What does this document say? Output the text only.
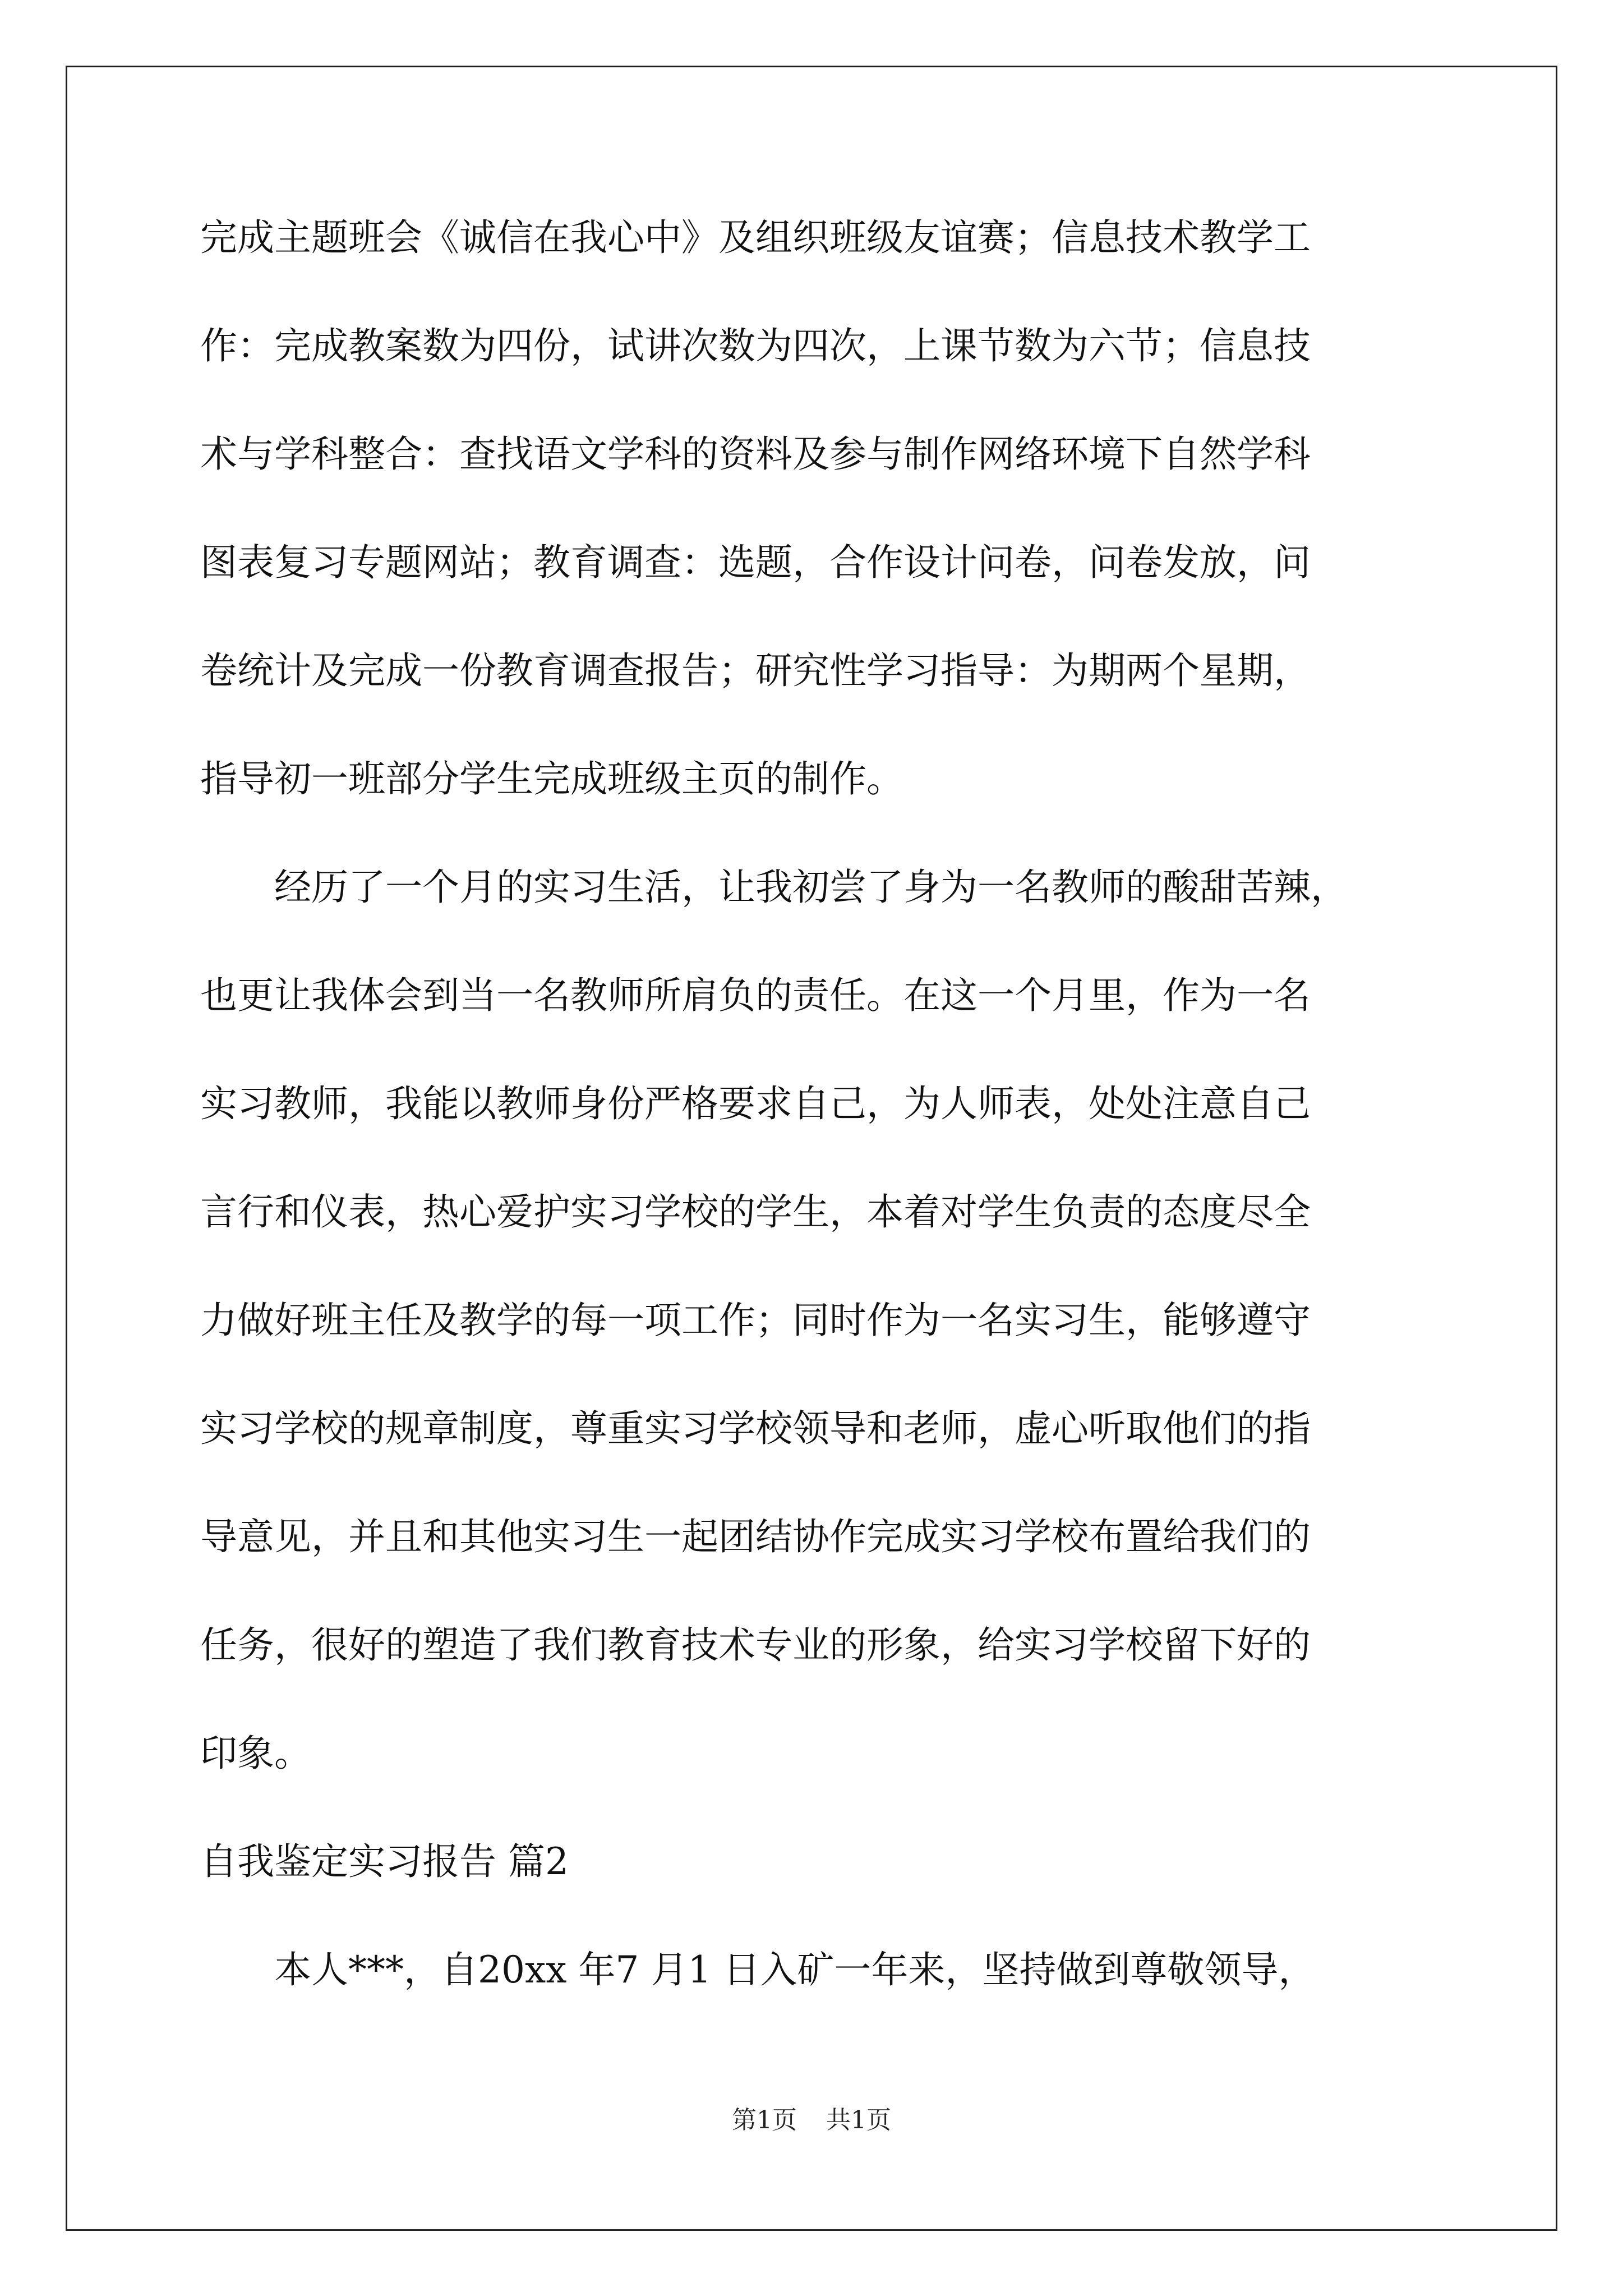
完成主题班会《诚信在我心中》及组织班级友谊赛；信息技术教学工
作：完成教案数为四份，试讲次数为四次，上课节数为六节；信息技
术与学科整合：查找语文学科的资料及参与制作网络环境下自然学科
图表复习专题网站；教育调查：选题，合作设计问卷，问卷发放，问
卷统计及完成一份教育调查报告；研究性学习指导：为期两个星期，
指导初一班部分学生完成班级主页的制作。
　　经历了一个月的实习生活，让我初尝了身为一名教师的酸甜苦辣，
也更让我体会到当一名教师所肩负的责任。在这一个月里，作为一名
实习教师，我能以教师身份严格要求自己，为人师表，处处注意自己
言行和仪表，热心爱护实习学校的学生，本着对学生负责的态度尽全
力做好班主任及教学的每一项工作；同时作为一名实习生，能够遵守
实习学校的规章制度，尊重实习学校领导和老师，虚心听取他们的指
导意见，并且和其他实习生一起团结协作完成实习学校布置给我们的
任务，很好的塑造了我们教育技术专业的形象，给实习学校留下好的
印象。
自我鉴定实习报告 篇2
　　本人***，自20xx 年7 月1 日入矿一年来，坚持做到尊敬领导，
第1页 共1页
